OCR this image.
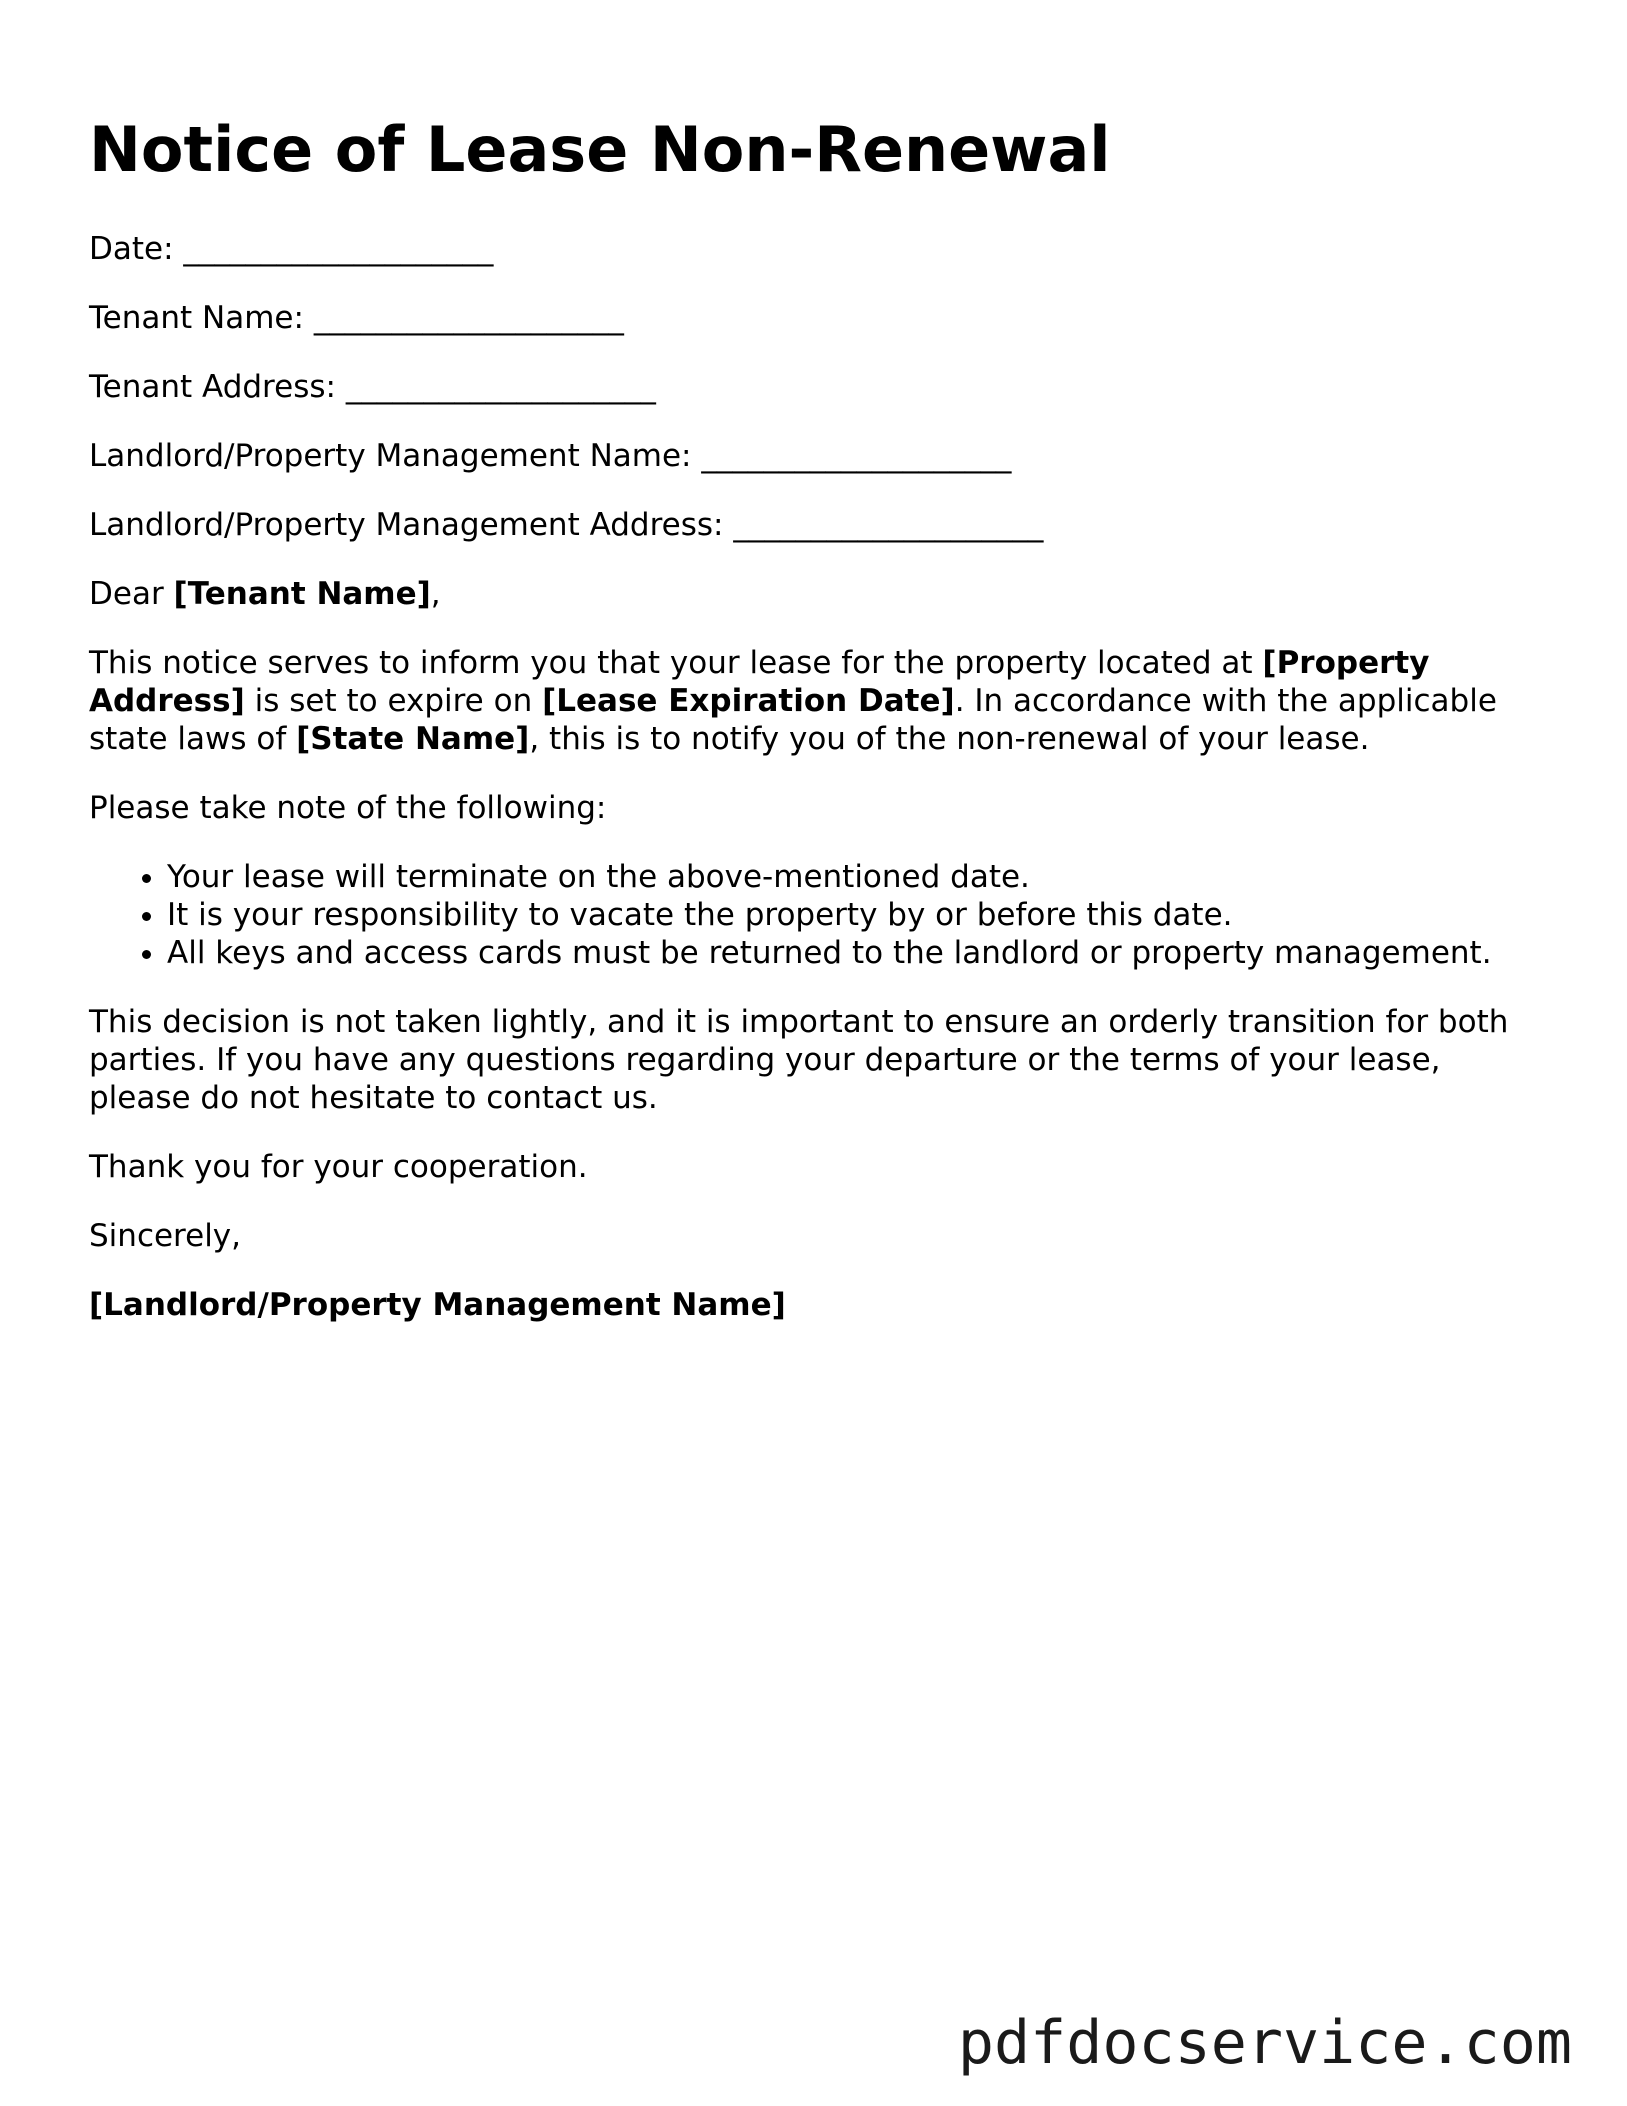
Notice of Lease Non-Renewal

Date: ____________________

Tenant Name: ____________________

Tenant Address: ____________________

Landlord/Property Management Name: ____________________

Landlord/Property Management Address: ____________________

Dear [Tenant Name],

This notice serves to inform you that your lease for the property located at [Property Address] is set to expire on [Lease Expiration Date]. In accordance with the applicable state laws of [State Name], this is to notify you of the non-renewal of your lease.

Please take note of the following:

• Your lease will terminate on the above-mentioned date.
• It is your responsibility to vacate the property by or before this date.
• All keys and access cards must be returned to the landlord or property management.

This decision is not taken lightly, and it is important to ensure an orderly transition for both parties. If you have any questions regarding your departure or the terms of your lease, please do not hesitate to contact us.

Thank you for your cooperation.

Sincerely,

[Landlord/Property Management Name]

pdfdocservice.com
